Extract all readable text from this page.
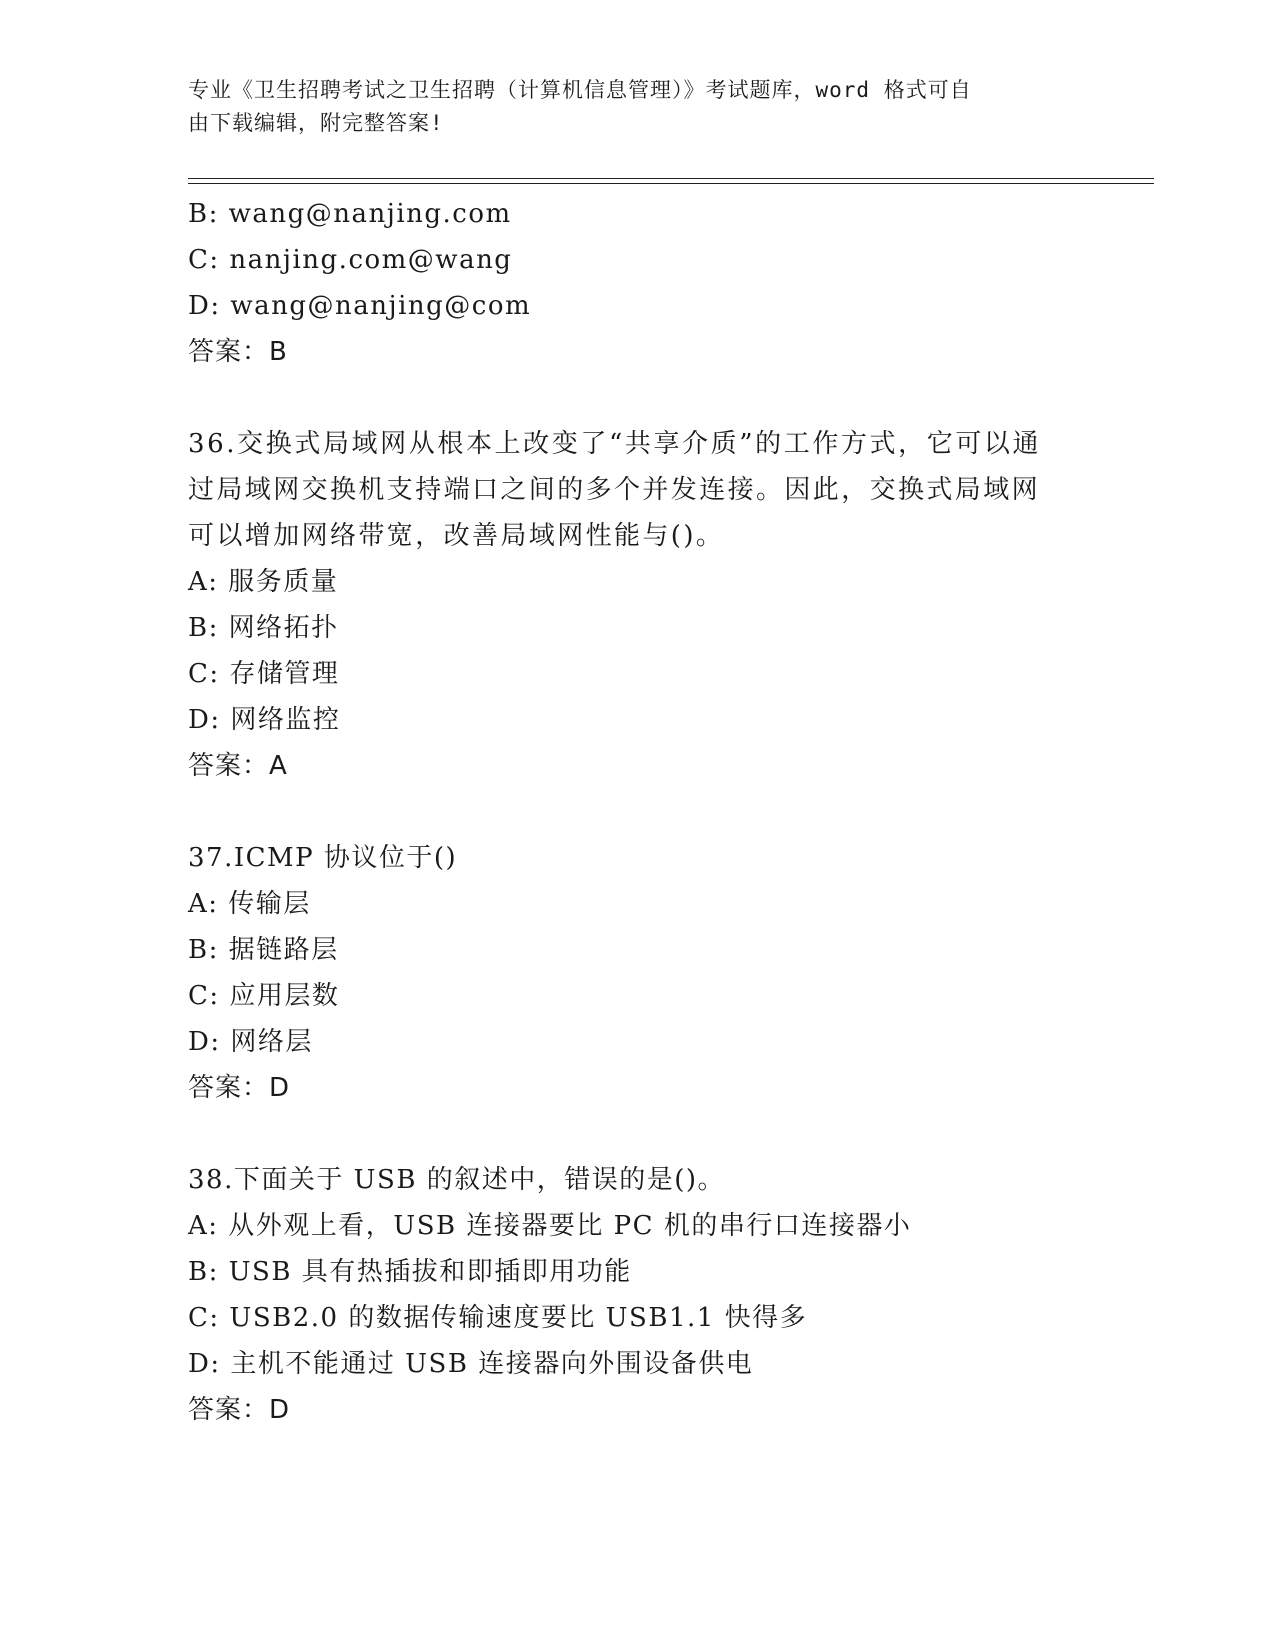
专业《卫生招聘考试之卫生招聘（计算机信息管理）》考试题库，word 格式可自
由下载编辑，附完整答案!
B: wang@nanjing.com
C: nanjing.com@wang
D: wang@nanjing@com
答案：B
36.交换式局域网从根本上改变了“共享介质”的工作方式，它可以通
过局域网交换机支持端口之间的多个并发连接。因此，交换式局域网
可以增加网络带宽，改善局域网性能与()。
A: 服务质量
B: 网络拓扑
C: 存储管理
D: 网络监控
答案：A
37.ICMP 协议位于()
A: 传输层
B: 据链路层
C: 应用层数
D: 网络层
答案：D
38.下面关于 USB 的叙述中，错误的是()。
A: 从外观上看，USB 连接器要比 PC 机的串行口连接器小
B: USB 具有热插拔和即插即用功能
C: USB2.0 的数据传输速度要比 USB1.1 快得多
D: 主机不能通过 USB 连接器向外围设备供电
答案：D
